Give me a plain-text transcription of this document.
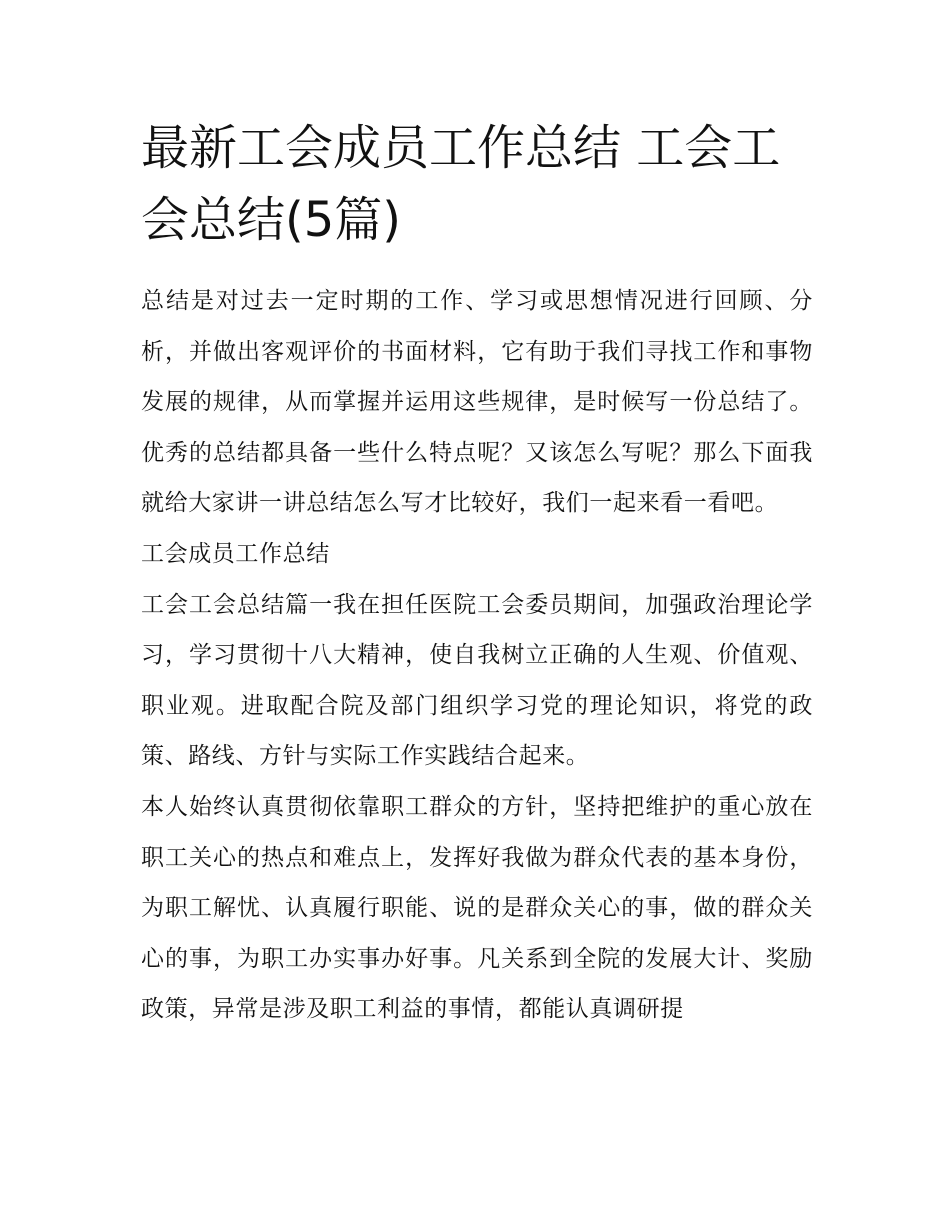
最新工会成员工作总结 工会工会总结(5篇)

总结是对过去一定时期的工作、学习或思想情况进行回顾、分析，并做出客观评价的书面材料，它有助于我们寻找工作和事物发展的规律，从而掌握并运用这些规律，是时候写一份总结了。优秀的总结都具备一些什么特点呢？又该怎么写呢？那么下面我就给大家讲一讲总结怎么写才比较好，我们一起来看一看吧。

工会成员工作总结

工会工会总结篇一我在担任医院工会委员期间，加强政治理论学习，学习贯彻十八大精神，使自我树立正确的人生观、价值观、职业观。进取配合院及部门组织学习党的理论知识，将党的政策、路线、方针与实际工作实践结合起来。

本人始终认真贯彻依靠职工群众的方针，坚持把维护的重心放在职工关心的热点和难点上，发挥好我做为群众代表的基本身份，为职工解忧、认真履行职能、说的是群众关心的事，做的群众关心的事，为职工办实事办好事。凡关系到全院的发展大计、奖励政策，异常是涉及职工利益的事情，都能认真调研提
